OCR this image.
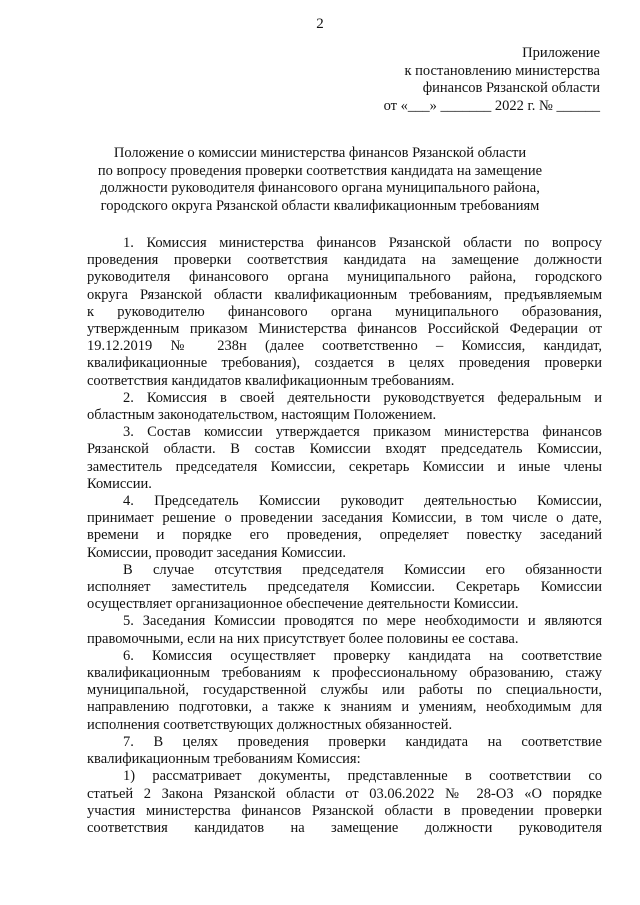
2
Приложение
к постановлению министерства
финансов Рязанской области
от «___» _______ 2022 г. № ______
Положение о комиссии министерства финансов Рязанской области
по вопросу проведения проверки соответствия кандидата на замещение
должности руководителя финансового органа муниципального района,
городского округа Рязанской области квалификационным требованиям
1. Комиссия министерства финансов Рязанской области по вопросу
проведения проверки соответствия кандидата на замещение должности
руководителя финансового органа муниципального района, городского
округа Рязанской области квалификационным требованиям, предъявляемым
к руководителю финансового органа муниципального образования,
утвержденным приказом Министерства финансов Российской Федерации от
19.12.2019 № 238н (далее соответственно – Комиссия, кандидат,
квалификационные требования), создается в целях проведения проверки
соответствия кандидатов квалификационным требованиям.
2. Комиссия в своей деятельности руководствуется федеральным и
областным законодательством, настоящим Положением.
3. Состав комиссии утверждается приказом министерства финансов
Рязанской области. В состав Комиссии входят председатель Комиссии,
заместитель председателя Комиссии, секретарь Комиссии и иные члены
Комиссии.
4. Председатель Комиссии руководит деятельностью Комиссии,
принимает решение о проведении заседания Комиссии, в том числе о дате,
времени и порядке его проведения, определяет повестку заседаний
Комиссии, проводит заседания Комиссии.
В случае отсутствия председателя Комиссии его обязанности
исполняет заместитель председателя Комиссии. Секретарь Комиссии
осуществляет организационное обеспечение деятельности Комиссии.
5. Заседания Комиссии проводятся по мере необходимости и являются
правомочными, если на них присутствует более половины ее состава.
6. Комиссия осуществляет проверку кандидата на соответствие
квалификационным требованиям к профессиональному образованию, стажу
муниципальной, государственной службы или работы по специальности,
направлению подготовки, а также к знаниям и умениям, необходимым для
исполнения соответствующих должностных обязанностей.
7. В целях проведения проверки кандидата на соответствие
квалификационным требованиям Комиссия:
1) рассматривает документы, представленные в соответствии со
статьей 2 Закона Рязанской области от 03.06.2022 № 28-ОЗ «О порядке
участия министерства финансов Рязанской области в проведении проверки
соответствия кандидатов на замещение должности руководителя
